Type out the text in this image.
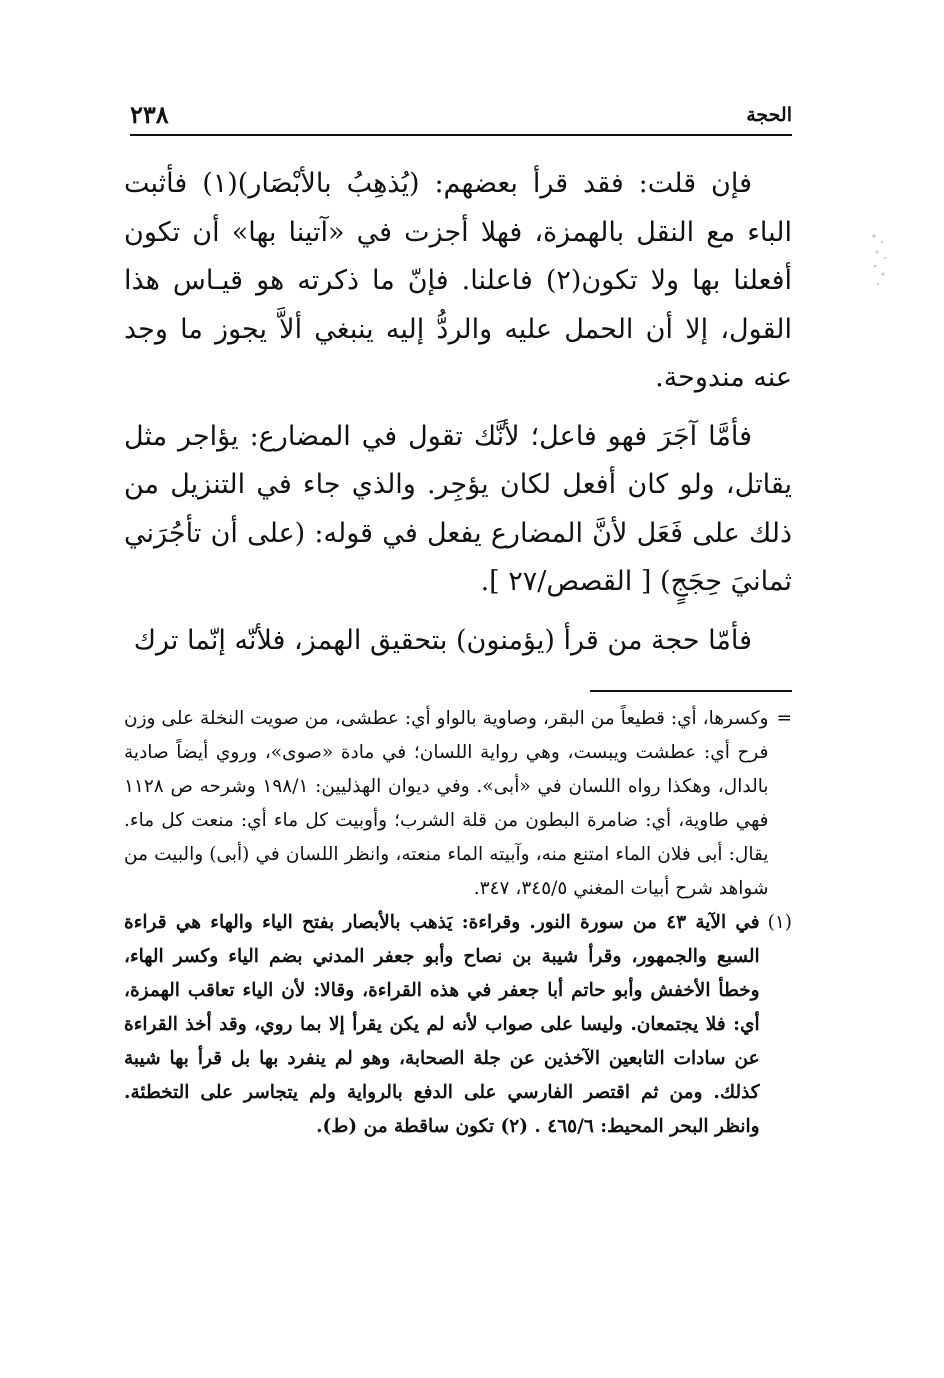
٢٣٨	الحجة

فإن قلت: فقد قرأ بعضهم: (يُذهِبُ بالأبْصَار)(١) فأثبت الباء مع النقل بالهمزة، فهلا أجزت في «آتينا بها» أن تكون أفعلنا بها ولا تكون(٢) فاعلنا. فإنّ ما ذكرته هو قيـاس هذا القول، إلا أن الحمل عليه والردُّ إليه ينبغي ألاَّ يجوز ما وجد عنه مندوحة.

فأمَّا آجَرَ فهو فاعل؛ لأنَّك تقول في المضارع: يؤاجر مثل يقاتل، ولو كان أفعل لكان يؤجِر. والذي جاء في التنزيل من ذلك على فَعَل لأنَّ المضارع يفعل في قوله: (على أن تأجُرَني ثمانيَ حِجَجٍ) [ القصص/٢٧ ].

فأمّا حجة من قرأ (يؤمنون) بتحقيق الهمز، فلأنّه إنّما ترك

=

وكسرها، أي: قطيعاً من البقر، وصاوية بالواو أي: عطشى، من صويت النخلة على وزن فرح أي: عطشت ويبست، وهي رواية اللسان؛ في مادة «صوى»، وروي أيضاً صادية بالدال، وهكذا رواه اللسان في «أبى». وفي ديوان الهذليين: ١٩٨/١ وشرحه ص ١١٢٨ فهي طاوية، أي: ضامرة البطون من قلة الشرب؛ وأوبيت كل ماء أي: منعت كل ماء. يقال: أبى فلان الماء امتنع منه، وآبيته الماء منعته، وانظر اللسان في (أبى) والبيت من شواهد شرح أبيات المغني ٣٤٥/٥، ٣٤٧.

(١)

في الآية ٤٣ من سورة النور. وقراءة: يَذهب بالأبصار بفتح الياء والهاء هي قراءة السبع والجمهور، وقرأ شيبة بن نصاح وأبو جعفر المدني بضم الياء وكسر الهاء، وخطأ الأخفش وأبو حاتم أبا جعفر في هذه القراءة، وقالا: لأن الياء تعاقب الهمزة، أي: فلا يجتمعان. وليسا على صواب لأنه لم يكن يقرأ إلا بما روي، وقد أخذ القراءة عن سادات التابعين الآخذين عن جلة الصحابة، وهو لم ينفرد بها بل قرأ بها شيبة كذلك. ومن ثم اقتصر الفارسي على الدفع بالرواية ولم يتجاسر على التخطئة. وانظر البحر المحيط: ٤٦٥/٦ . (٢) تكون ساقطة من (ط).
